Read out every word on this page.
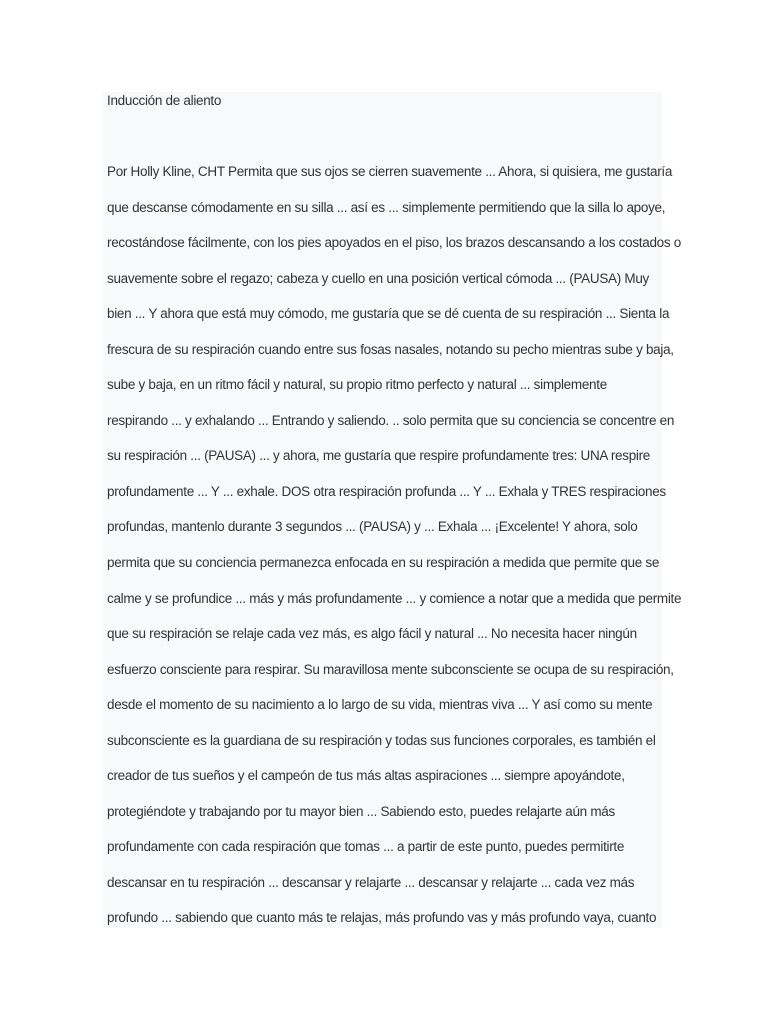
Inducción de aliento
Por Holly Kline, CHT Permita que sus ojos se cierren suavemente ... Ahora, si quisiera, me gustaría
que descanse cómodamente en su silla ... así es ... simplemente permitiendo que la silla lo apoye,
recostándose fácilmente, con los pies apoyados en el piso, los brazos descansando a los costados o
suavemente sobre el regazo; cabeza y cuello en una posición vertical cómoda ... (PAUSA) Muy
bien ... Y ahora que está muy cómodo, me gustaría que se dé cuenta de su respiración ... Sienta la
frescura de su respiración cuando entre sus fosas nasales, notando su pecho mientras sube y baja,
sube y baja, en un ritmo fácil y natural, su propio ritmo perfecto y natural ... simplemente
respirando ... y exhalando ... Entrando y saliendo. .. solo permita que su conciencia se concentre en
su respiración ... (PAUSA) ... y ahora, me gustaría que respire profundamente tres: UNA respire
profundamente ... Y ... exhale. DOS otra respiración profunda ... Y ... Exhala y TRES respiraciones
profundas, mantenlo durante 3 segundos ... (PAUSA) y ... Exhala ... ¡Excelente! Y ahora, solo
permita que su conciencia permanezca enfocada en su respiración a medida que permite que se
calme y se profundice ... más y más profundamente ... y comience a notar que a medida que permite
que su respiración se relaje cada vez más, es algo fácil y natural ... No necesita hacer ningún
esfuerzo consciente para respirar. Su maravillosa mente subconsciente se ocupa de su respiración,
desde el momento de su nacimiento a lo largo de su vida, mientras viva ... Y así como su mente
subconsciente es la guardiana de su respiración y todas sus funciones corporales, es también el
creador de tus sueños y el campeón de tus más altas aspiraciones ... siempre apoyándote,
protegiéndote y trabajando por tu mayor bien ... Sabiendo esto, puedes relajarte aún más
profundamente con cada respiración que tomas ... a partir de este punto, puedes permitirte
descansar en tu respiración ... descansar y relajarte ... descansar y relajarte ... cada vez más
profundo ... sabiendo que cuanto más te relajas, más profundo vas y más profundo vaya, cuanto
